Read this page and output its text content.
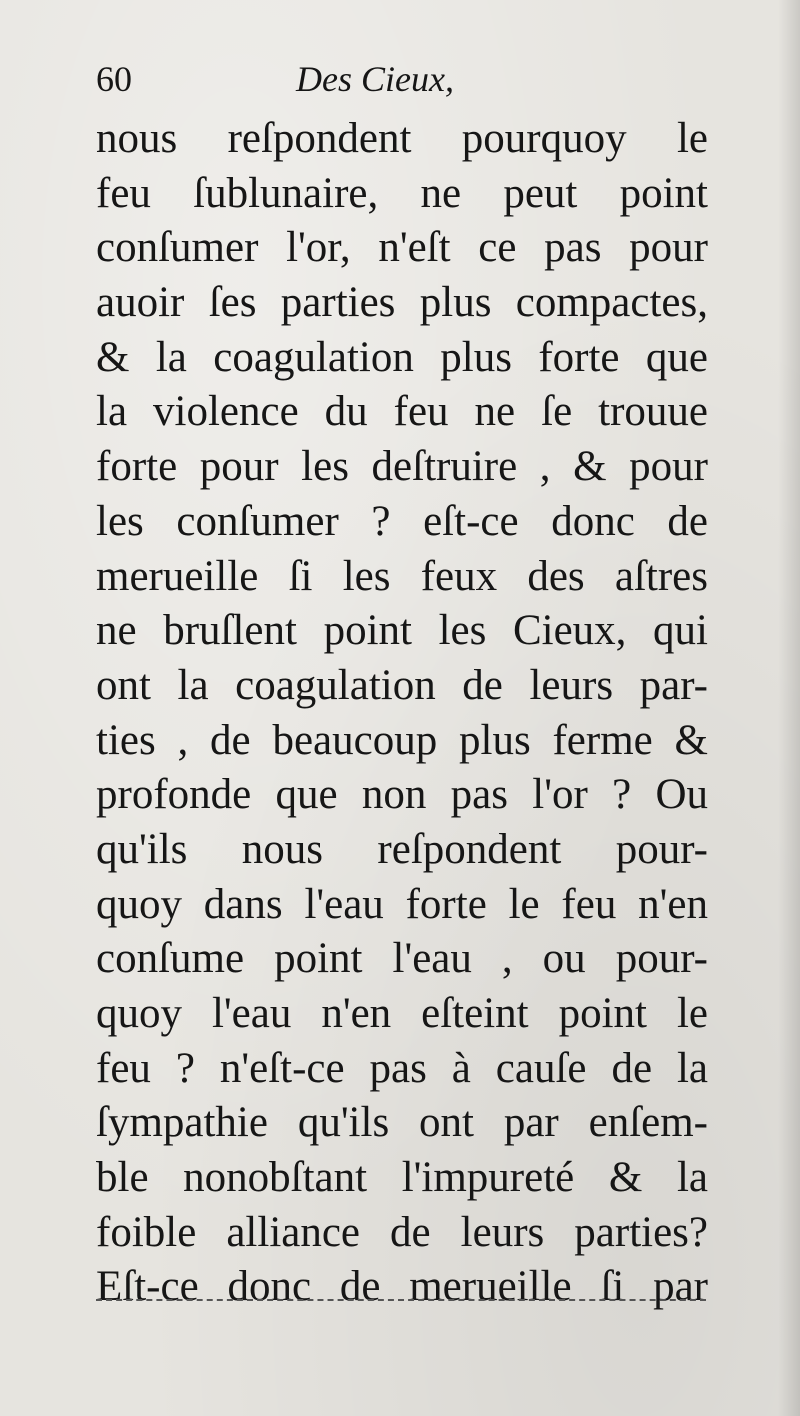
60	Des Cieux,
nous reſpondent pourquoy le
feu ſublunaire, ne peut point
conſumer l'or, n'eſt ce pas pour
auoir ſes parties plus compactes,
& la coagulation plus forte que
la violence du feu ne ſe trouue
forte pour les deſtruire , & pour
les conſumer ? eſt-ce donc de
merueille ſi les feux des aſtres
ne bruſlent point les Cieux, qui
ont la coagulation de leurs par-
ties , de beaucoup plus ferme &
profonde que non pas l'or ? Ou
qu'ils nous reſpondent pour-
quoy dans l'eau forte le feu n'en
conſume point l'eau , ou pour-
quoy l'eau n'en eſteint point le
feu ? n'eſt-ce pas à cauſe de la
ſympathie qu'ils ont par enſem-
ble nonobſtant l'impureté & la
foible alliance de leurs parties?
Eſt-ce donc de merueille ſi par
